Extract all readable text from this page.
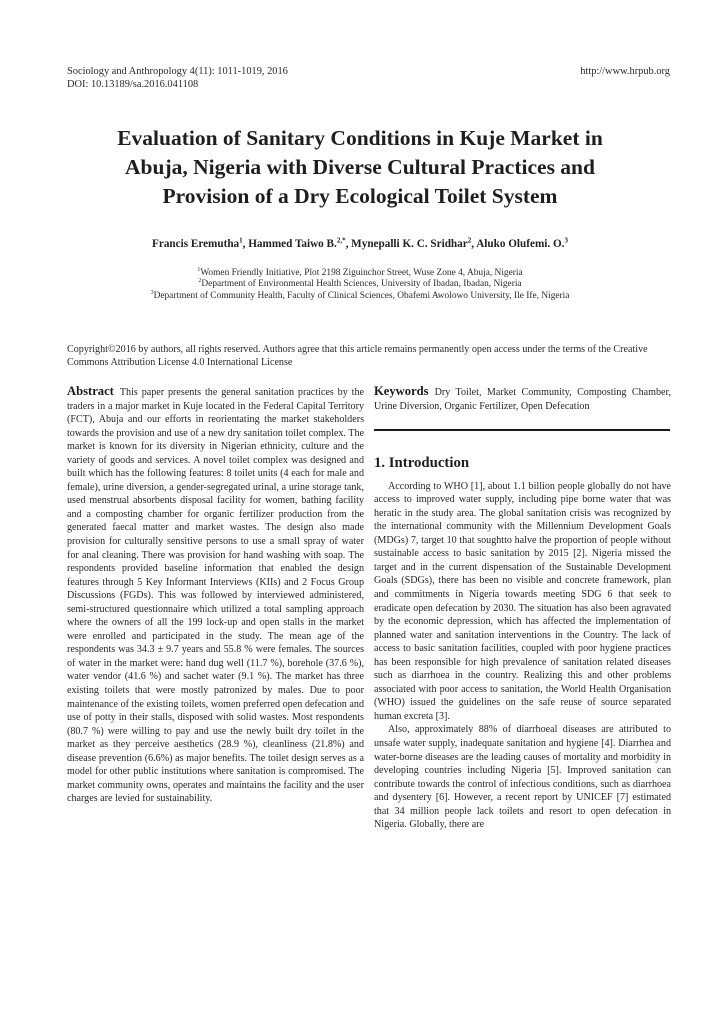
Sociology and Anthropology 4(11): 1011-1019, 2016
DOI: 10.13189/sa.2016.041108
http://www.hrpub.org
Evaluation of Sanitary Conditions in Kuje Market in
Abuja, Nigeria with Diverse Cultural Practices and
Provision of a Dry Ecological Toilet System
Francis Eremutha$^1$, Hammed Taiwo B.$^{2,*}$, Mynepalli K. C. Sridhar$^2$, Aluko Olufemi. O.$^3$
$^1$Women Friendly Initiative, Plot 2198 Ziguinchor Street, Wuse Zone 4, Abuja, Nigeria
$^2$Department of Environmental Health Sciences, University of Ibadan, Ibadan, Nigeria
$^3$Department of Community Health, Faculty of Clinical Sciences, Obafemi Awolowo University, Ile Ife, Nigeria
Copyright©2016 by authors, all rights reserved. Authors agree that this article remains permanently open access under the terms of the Creative Commons Attribution License 4.0 International License

Abstract This paper presents the general sanitation practices by the traders in a major market in Kuje located in the Federal Capital Territory (FCT), Abuja and our efforts in reorientating the market stakeholders towards the provision and use of a new dry sanitation toilet complex. The market is known for its diversity in Nigerian ethnicity, culture and the variety of goods and services. A novel toilet complex was designed and built which has the following features: 8 toilet units (4 each for male and female), urine diversion, a gender-segregated urinal, a urine storage tank, used menstrual absorbents disposal facility for women, bathing facility and a composting chamber for organic fertilizer production from the generated faecal matter and market wastes. The design also made provision for culturally sensitive persons to use a small spray of water for anal cleaning. There was provision for hand washing with soap. The respondents provided baseline information that enabled the design features through 5 Key Informant Interviews (KIIs) and 2 Focus Group Discussions (FGDs). This was followed by interviewed administered, semi-structured questionnaire which utilized a total sampling approach where the owners of all the 199 lock-up and open stalls in the market were enrolled and participated in the study. The mean age of the respondents was 34.3 ± 9.7 years and 55.8 % were females. The sources of water in the market were: hand dug well (11.7 %), borehole (37.6 %), water vendor (41.6 %) and sachet water (9.1 %). The market has three existing toilets that were mostly patronized by males. Due to poor maintenance of the existing toilets, women preferred open defecation and use of potty in their stalls, disposed with solid wastes. Most respondents (80.7 %) were willing to pay and use the newly built dry toilet in the market as they perceive aesthetics (28.9 %), cleanliness (21.8%) and disease prevention (6.6%) as major benefits. The toilet design serves as a model for other public institutions where sanitation is compromised. The market community owns, operates and maintains the facility and the user charges are levied for sustainability.

Keywords Dry Toilet, Market Community, Composting Chamber, Urine Diversion, Organic Fertilizer, Open Defecation

1. Introduction

According to WHO [1], about 1.1 billion people globally do not have access to improved water supply, including pipe borne water that was heratic in the study area. The global sanitation crisis was recognized by the international community with the Millennium Development Goals (MDGs) 7, target 10 that soughtto halve the proportion of people without sustainable access to basic sanitation by 2015 [2]. Nigeria missed the target and in the current dispensation of the Sustainable Development Goals (SDGs), there has been no visible and concrete framework, plan and commitments in Nigeria towards meeting SDG 6 that seek to eradicate open defecation by 2030. The situation has also been agravated by the economic depression, which has affected the implementation of planned water and sanitation interventions in the Country. The lack of access to basic sanitation facilities, coupled with poor hygiene practices has been responsible for high prevalence of sanitation related diseases such as diarrhoea in the country. Realizing this and other problems associated with poor access to sanitation, the World Health Organisation (WHO) issued the guidelines on the safe reuse of source separated human excreta [3].

Also, approximately 88% of diarrhoeal diseases are attributed to unsafe water supply, inadequate sanitation and hygiene [4]. Diarrhea and water-borne diseases are the leading causes of mortality and morbidity in developing countries including Nigeria [5]. Improved sanitation can contribute towards the control of infectious conditions, such as diarrhoea and dysentery [6]. However, a recent report by UNICEF [7] estimated that 34 million people lack toilets and resort to open defecation in Nigeria. Globally, there are
